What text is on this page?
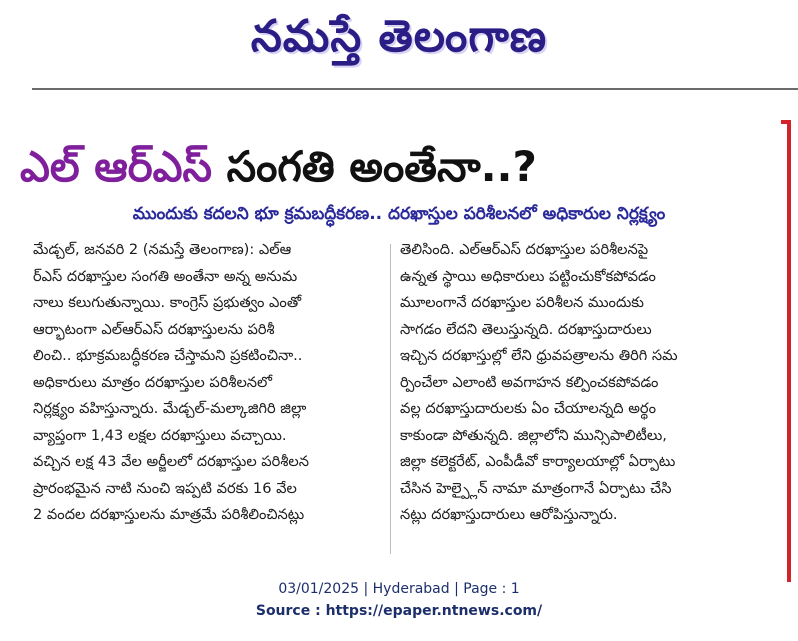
నమస్తే తెలంగాణ
ఎల్ ఆర్ఎస్ సంగతి అంతేనా..?
ముందుకు కదలని భూ క్రమబద్ధీకరణ.. దరఖాస్తుల పరిశీలనలో అధికారుల నిర్లక్ష్యం
మేడ్చల్, జనవరి 2 (నమస్తే తెలంగాణ): ఎల్ఆ
ర్ఎస్ దరఖాస్తుల సంగతి అంతేనా అన్న అనుమ
నాలు కలుగుతున్నాయి. కాంగ్రెస్ ప్రభుత్వం ఎంతో
ఆర్భాటంగా ఎల్ఆర్ఎస్ దరఖాస్తులను పరిశీ
లించి.. భూక్రమబద్ధీకరణ చేస్తామని ప్రకటించినా..
అధికారులు మాత్రం దరఖాస్తుల పరిశీలనలో
నిర్లక్ష్యం వహిస్తున్నారు. మేడ్చల్-మల్కాజిగిరి జిల్లా
వ్యాప్తంగా 1,43 లక్షల దరఖాస్తులు వచ్చాయి.
వచ్చిన లక్ష 43 వేల అర్జీలలో దరఖాస్తుల పరిశీలన
ప్రారంభమైన నాటి నుంచి ఇప్పటి వరకు 16 వేల
2 వందల దరఖాస్తులను మాత్రమే పరిశీలించినట్లు
తెలిసింది. ఎల్ఆర్ఎస్ దరఖాస్తుల పరిశీలనపై
ఉన్నత స్థాయి అధికారులు పట్టించుకోకపోవడం
మూలంగానే దరఖాస్తుల పరిశీలన ముందుకు
సాగడం లేదని తెలుస్తున్నది. దరఖాస్తుదారులు
ఇచ్చిన దరఖాస్తుల్లో లేని ధ్రువపత్రాలను తిరిగి సమ
ర్పించేలా ఎలాంటి అవగాహన కల్పించకపోవడం
వల్ల దరఖాస్తుదారులకు ఏం చేయాలన్నది అర్థం
కాకుండా పోతున్నది. జిల్లాలోని మున్సిపాలిటీలు,
జిల్లా కలెక్టరేట్, ఎంపీడీవో కార్యాలయాల్లో ఏర్పాటు
చేసిన హెల్ప్లైన్ నామా మాత్రంగానే ఏర్పాటు చేసి
నట్లు దరఖాస్తుదారులు ఆరోపిస్తున్నారు.
03/01/2025 | Hyderabad | Page : 1
Source : https://epaper.ntnews.com/
